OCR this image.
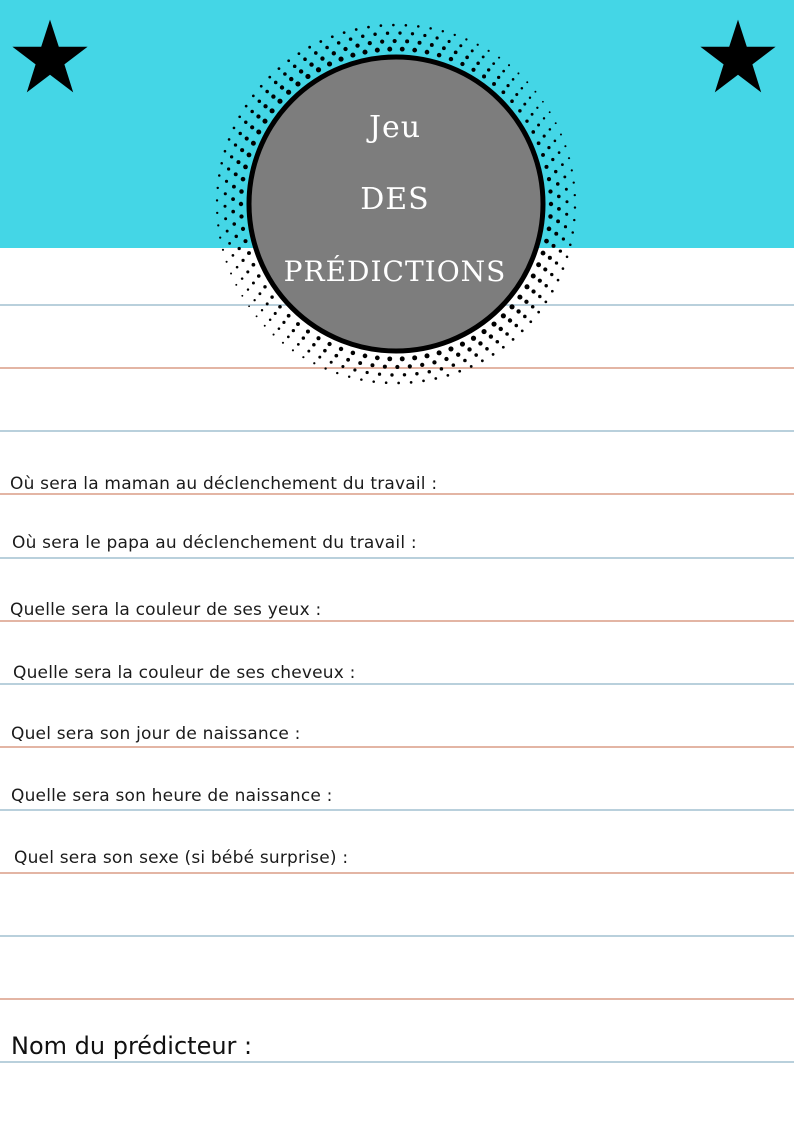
Jeu
DES
PRÉDICTIONS
Où sera la maman au déclenchement du travail :
Où sera le papa au déclenchement du travail :
Quelle sera la couleur de ses yeux :
Quelle sera la couleur de ses cheveux :
Quel sera son jour de naissance :
Quelle sera son heure de naissance :
Quel sera son sexe (si bébé surprise) :
Nom du prédicteur :
